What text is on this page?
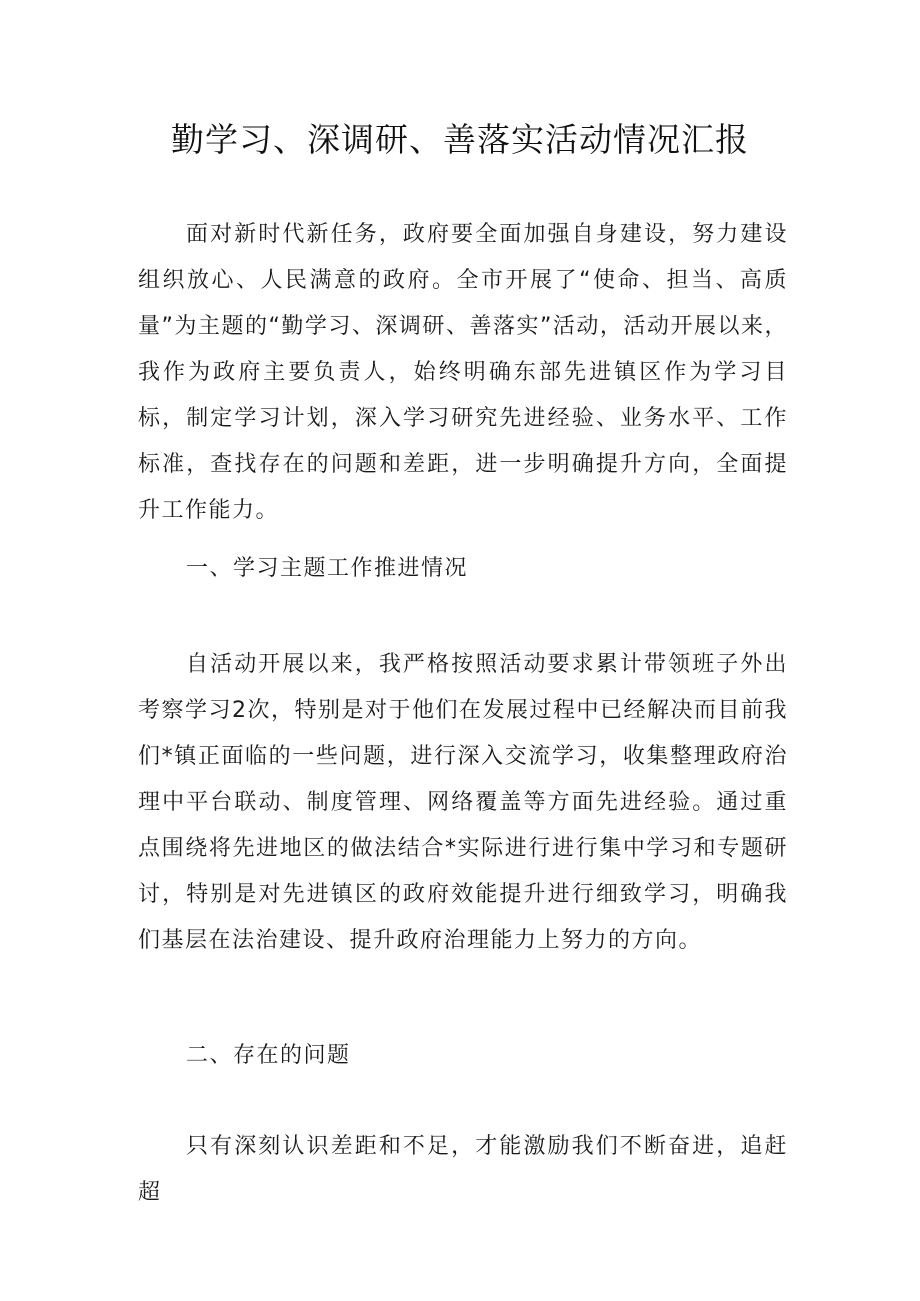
勤学习、深调研、善落实活动情况汇报

面对新时代新任务，政府要全面加强自身建设，努力建设组织放心、人民满意的政府。全市开展了“使命、担当、高质量”为主题的“勤学习、深调研、善落实”活动，活动开展以来，我作为政府主要负责人，始终明确东部先进镇区作为学习目标，制定学习计划，深入学习研究先进经验、业务水平、工作标准，查找存在的问题和差距，进一步明确提升方向，全面提升工作能力。

一、学习主题工作推进情况

自活动开展以来，我严格按照活动要求累计带领班子外出考察学习2次，特别是对于他们在发展过程中已经解决而目前我们*镇正面临的一些问题，进行深入交流学习，收集整理政府治理中平台联动、制度管理、网络覆盖等方面先进经验。通过重点围绕将先进地区的做法结合*实际进行进行集中学习和专题研讨，特别是对先进镇区的政府效能提升进行细致学习，明确我们基层在法治建设、提升政府治理能力上努力的方向。

二、存在的问题

只有深刻认识差距和不足，才能激励我们不断奋进，追赶超
